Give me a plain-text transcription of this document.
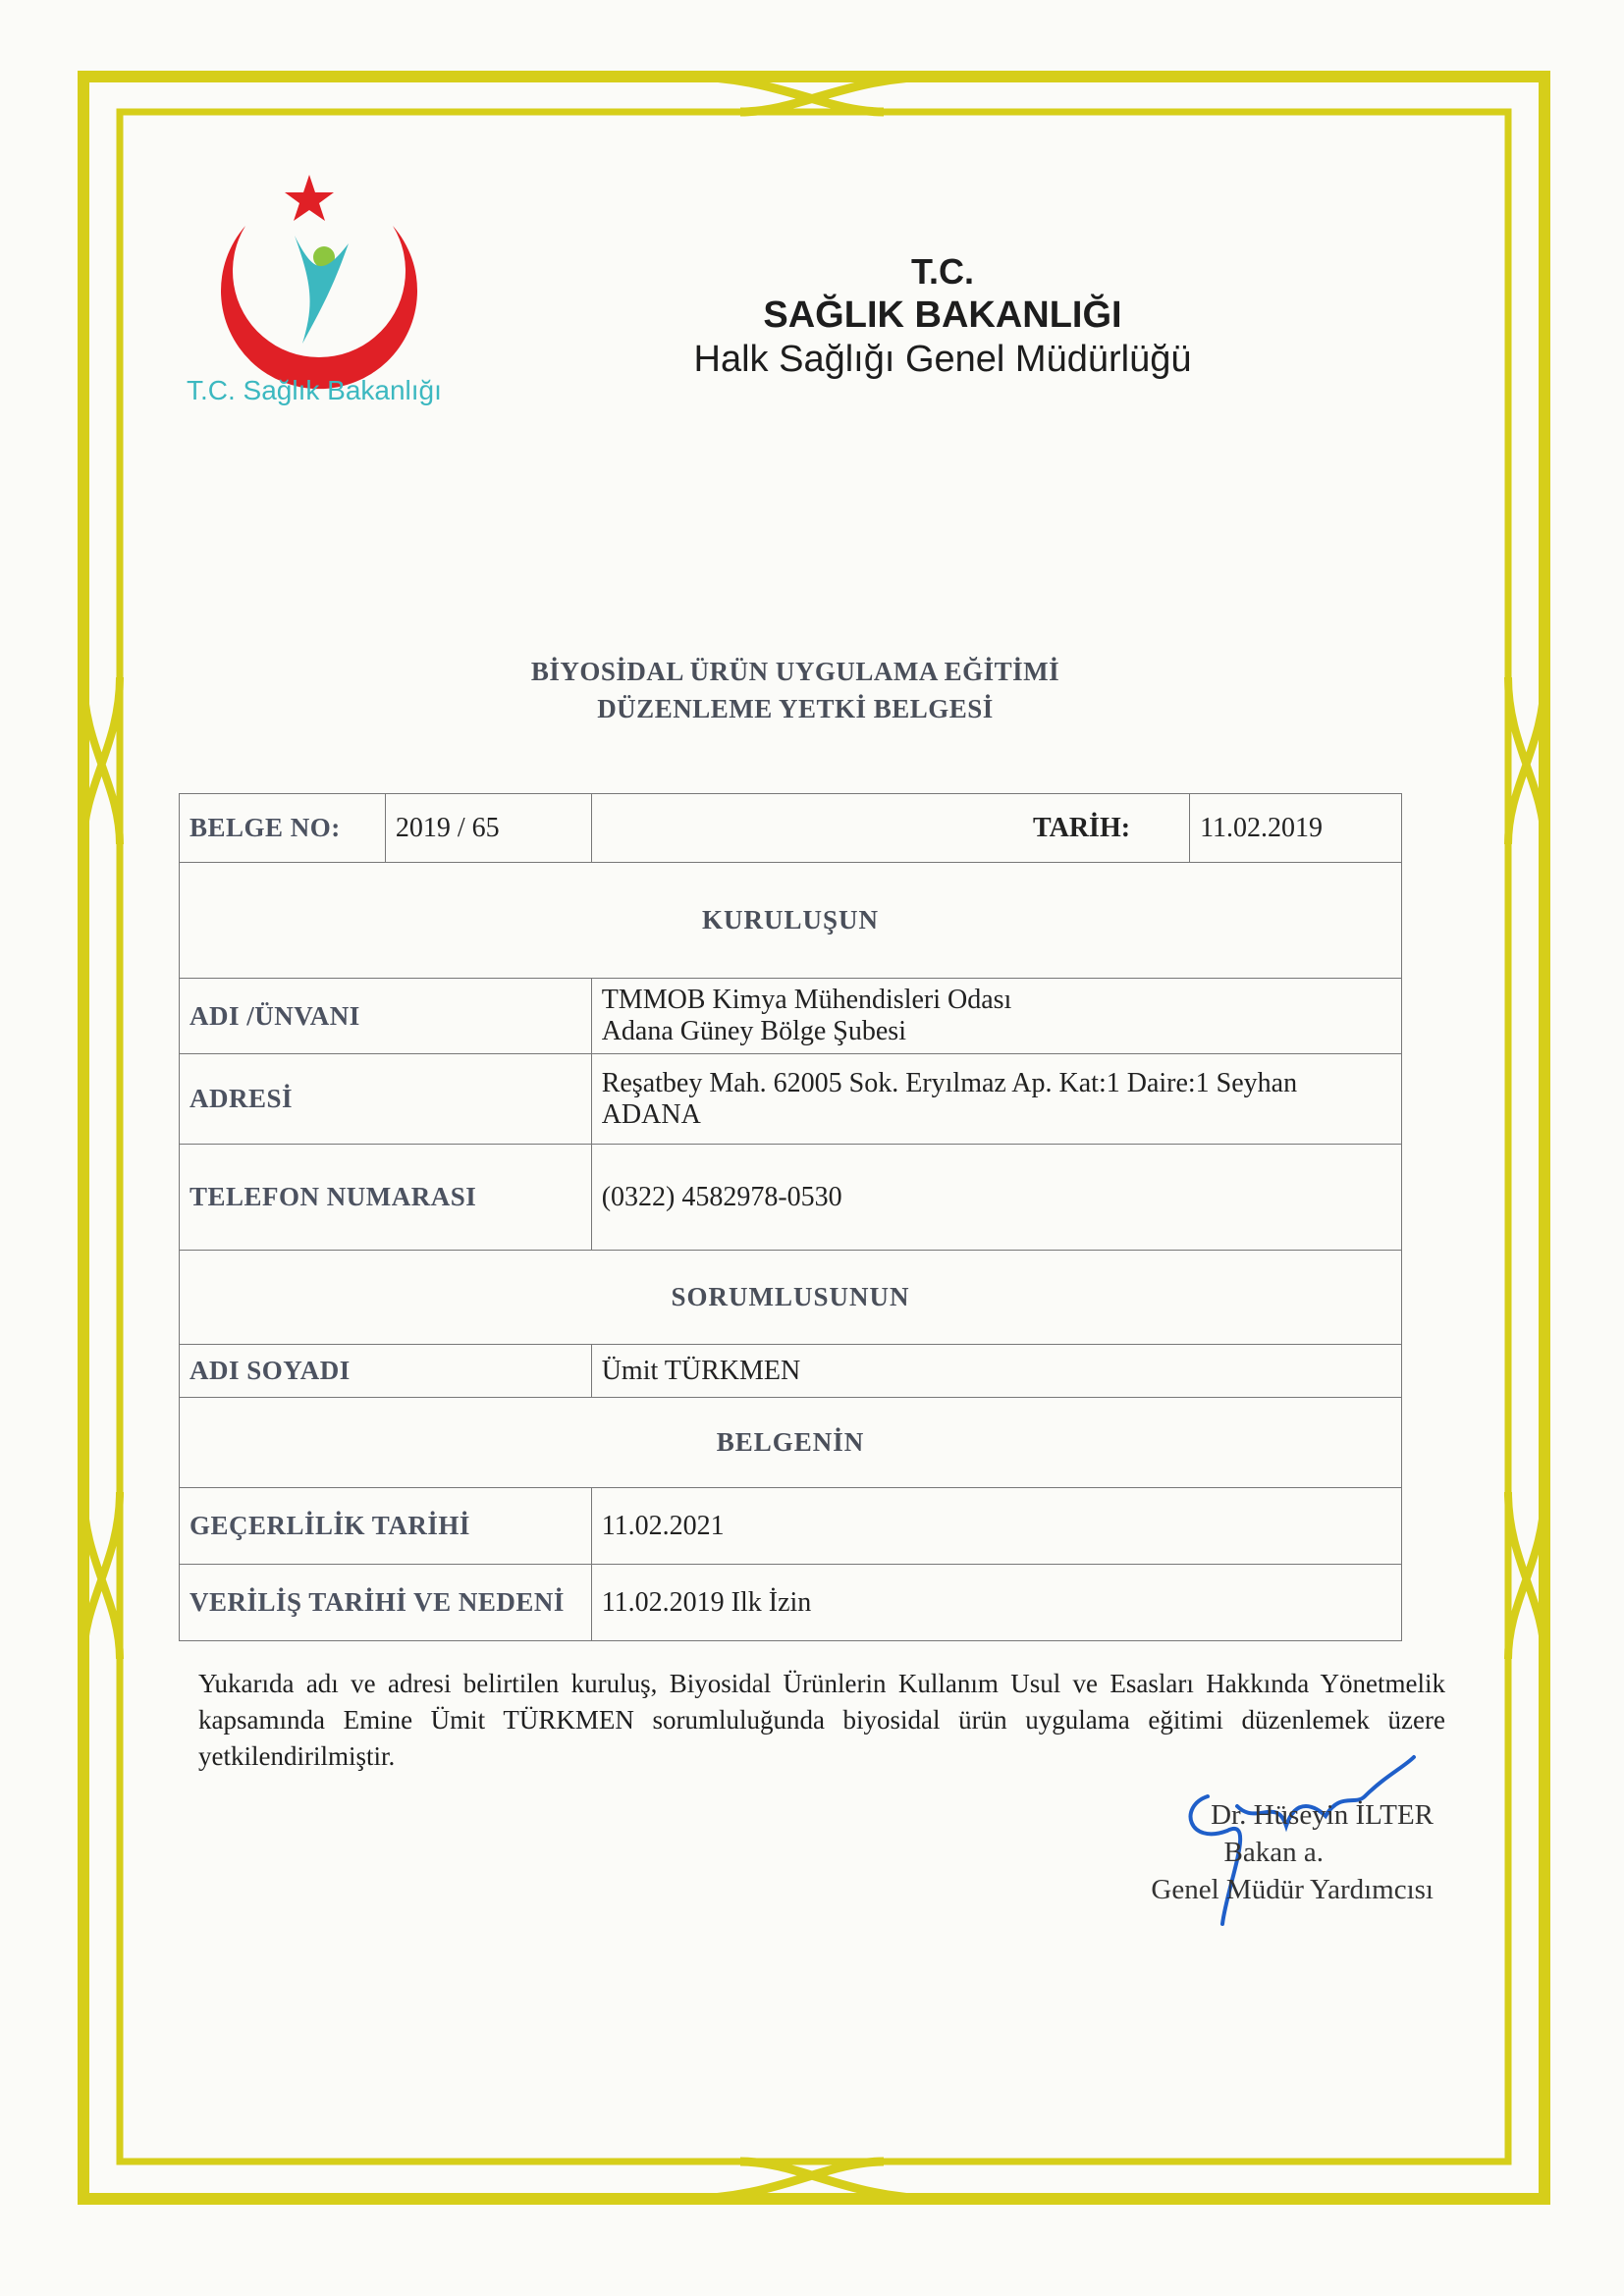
T.C. Sağlık Bakanlığı
T.C.
SAĞLIK BAKANLIĞI
Halk Sağlığı Genel Müdürlüğü
BİYOSİDAL ÜRÜN UYGULAMA EĞİTİMİ
DÜZENLEME YETKİ BELGESİ
BELGE NO:	2019 / 65	TARİH:	11.02.2019
KURULUŞUN			
ADI /ÜNVANI		TMMOB Kimya Mühendisleri Odası
Adana Güney Bölge Şubesi	

ADRESİ		Reşatbey Mah. 62005 Sok. Eryılmaz Ap. Kat:1 Daire:1 Seyhan
ADANA	

TELEFON NUMARASI		(0322) 4582978-0530	
SORUMLUSUNUN			
ADI SOYADI		Ümit TÜRKMEN	
BELGENİN			
GEÇERLİLİK TARİHİ		11.02.2021	
VERİLİŞ TARİHİ VE NEDENİ		11.02.2019 Ilk İzin	
Yukarıda adı ve adresi belirtilen kuruluş, Biyosidal Ürünlerin Kullanım Usul ve Esasları Hakkında Yönetmelik kapsamında Emine Ümit TÜRKMEN sorumluluğunda biyosidal ürün uygulama eğitimi düzenlemek üzere yetkilendirilmiştir.
Dr. Hüseyin İLTER
Bakan a.
Genel Müdür Yardımcısı
